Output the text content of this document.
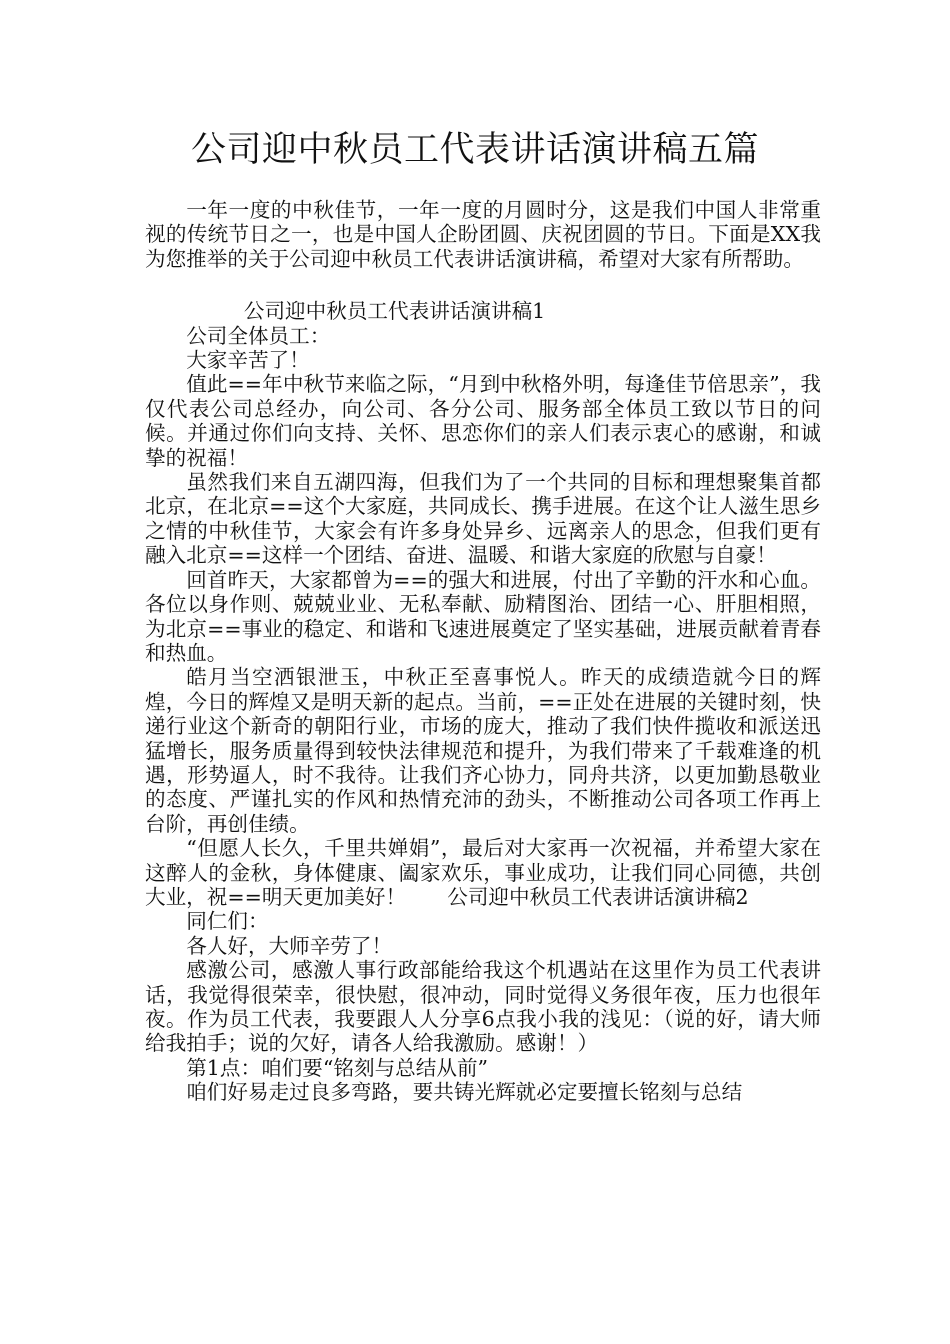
公司迎中秋员工代表讲话演讲稿五篇

一年一度的中秋佳节，一年一度的月圆时分，这是我们中国人非常重视的传统节日之一，也是中国人企盼团圆、庆祝团圆的节日。下面是XX我为您推举的关于公司迎中秋员工代表讲话演讲稿，希望对大家有所帮助。

公司迎中秋员工代表讲话演讲稿1

公司全体员工：

大家辛苦了！

值此==年中秋节来临之际，“月到中秋格外明，每逢佳节倍思亲”，我仅代表公司总经办，向公司、各分公司、服务部全体员工致以节日的问候。并通过你们向支持、关怀、思恋你们的亲人们表示衷心的感谢，和诚挚的祝福！

虽然我们来自五湖四海，但我们为了一个共同的目标和理想聚集首都北京，在北京==这个大家庭，共同成长、携手进展。在这个让人滋生思乡之情的中秋佳节，大家会有许多身处异乡、远离亲人的思念，但我们更有融入北京==这样一个团结、奋进、温暖、和谐大家庭的欣慰与自豪！

回首昨天，大家都曾为==的强大和进展，付出了辛勤的汗水和心血。各位以身作则、兢兢业业、无私奉献、励精图治、团结一心、肝胆相照，为北京==事业的稳定、和谐和飞速进展奠定了坚实基础，进展贡献着青春和热血。

皓月当空洒银泄玉，中秋正至喜事悦人。昨天的成绩造就今日的辉煌，今日的辉煌又是明天新的起点。当前，==正处在进展的关键时刻，快递行业这个新奇的朝阳行业，市场的庞大，推动了我们快件揽收和派送迅猛增长，服务质量得到较快法律规范和提升，为我们带来了千载难逢的机遇，形势逼人，时不我待。让我们齐心协力，同舟共济，以更加勤恳敬业的态度、严谨扎实的作风和热情充沛的劲头，不断推动公司各项工作再上台阶，再创佳绩。

“但愿人长久，千里共婵娟”，最后对大家再一次祝福，并希望大家在这醉人的金秋，身体健康、阖家欢乐，事业成功，让我们同心同德，共创大业，祝==明天更加美好！ 公司迎中秋员工代表讲话演讲稿2

同仁们：

各人好，大师辛劳了！

感激公司，感激人事行政部能给我这个机遇站在这里作为员工代表讲话，我觉得很荣幸，很快慰，很冲动，同时觉得义务很年夜，压力也很年夜。作为员工代表，我要跟人人分享6点我小我的浅见：（说的好，请大师给我拍手；说的欠好，请各人给我激励。感谢！）

第1点：咱们要“铭刻与总结从前”

咱们好易走过良多弯路，要共铸光辉就必定要擅长铭刻与总结
